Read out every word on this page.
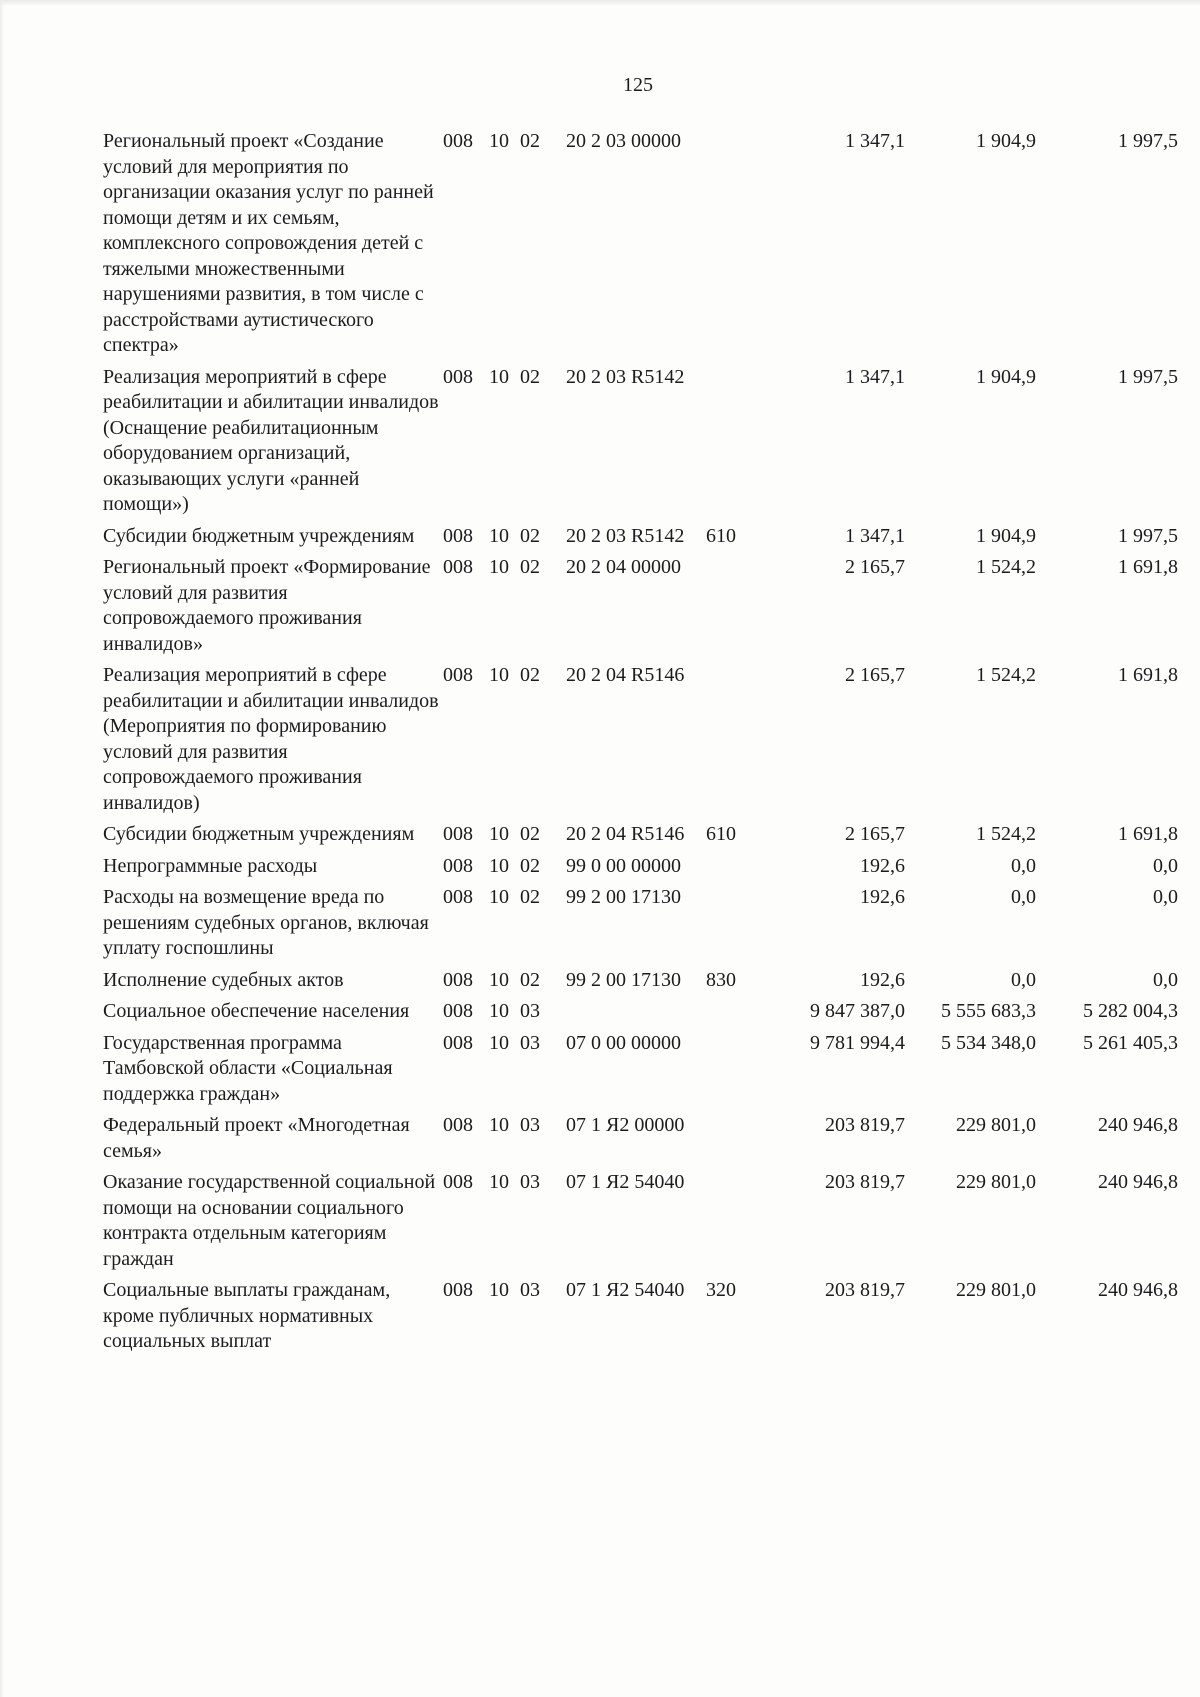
125
Региональный проект «Создание условий для мероприятия по организации оказания услуг по ранней помощи детям и их семьям, комплексного сопровождения детей с тяжелыми множественными нарушениями развития, в том числе с расстройствами аутистического спектра»	008	10	02	20 2 03 00000		1 347,1	1 904,9	1 997,5
Реализация мероприятий в сфере реабилитации и абилитации инвалидов (Оснащение реабилитационным оборудованием организаций, оказывающих услуги «ранней помощи»)	008	10	02	20 2 03 R5142		1 347,1	1 904,9	1 997,5
Субсидии бюджетным учреждениям	008	10	02	20 2 03 R5142	610	1 347,1	1 904,9	1 997,5
Региональный проект «Формирование условий для развития сопровождаемого проживания инвалидов»	008	10	02	20 2 04 00000		2 165,7	1 524,2	1 691,8
Реализация мероприятий в сфере реабилитации и абилитации инвалидов (Мероприятия по формированию условий для развития сопровождаемого проживания инвалидов)	008	10	02	20 2 04 R5146		2 165,7	1 524,2	1 691,8
Субсидии бюджетным учреждениям	008	10	02	20 2 04 R5146	610	2 165,7	1 524,2	1 691,8
Непрограммные расходы	008	10	02	99 0 00 00000		192,6	0,0	0,0
Расходы на возмещение вреда по решениям судебных органов, включая уплату госпошлины	008	10	02	99 2 00 17130		192,6	0,0	0,0
Исполнение судебных актов	008	10	02	99 2 00 17130	830	192,6	0,0	0,0
Социальное обеспечение населения	008	10	03			9 847 387,0	5 555 683,3	5 282 004,3
Государственная программа Тамбовской области «Социальная поддержка граждан»	008	10	03	07 0 00 00000		9 781 994,4	5 534 348,0	5 261 405,3
Федеральный проект «Многодетная семья»	008	10	03	07 1 Я2 00000		203 819,7	229 801,0	240 946,8
Оказание государственной социальной помощи на основании социального контракта отдельным категориям граждан	008	10	03	07 1 Я2 54040		203 819,7	229 801,0	240 946,8
Социальные выплаты гражданам, кроме публичных нормативных социальных выплат	008	10	03	07 1 Я2 54040	320	203 819,7	229 801,0	240 946,8
